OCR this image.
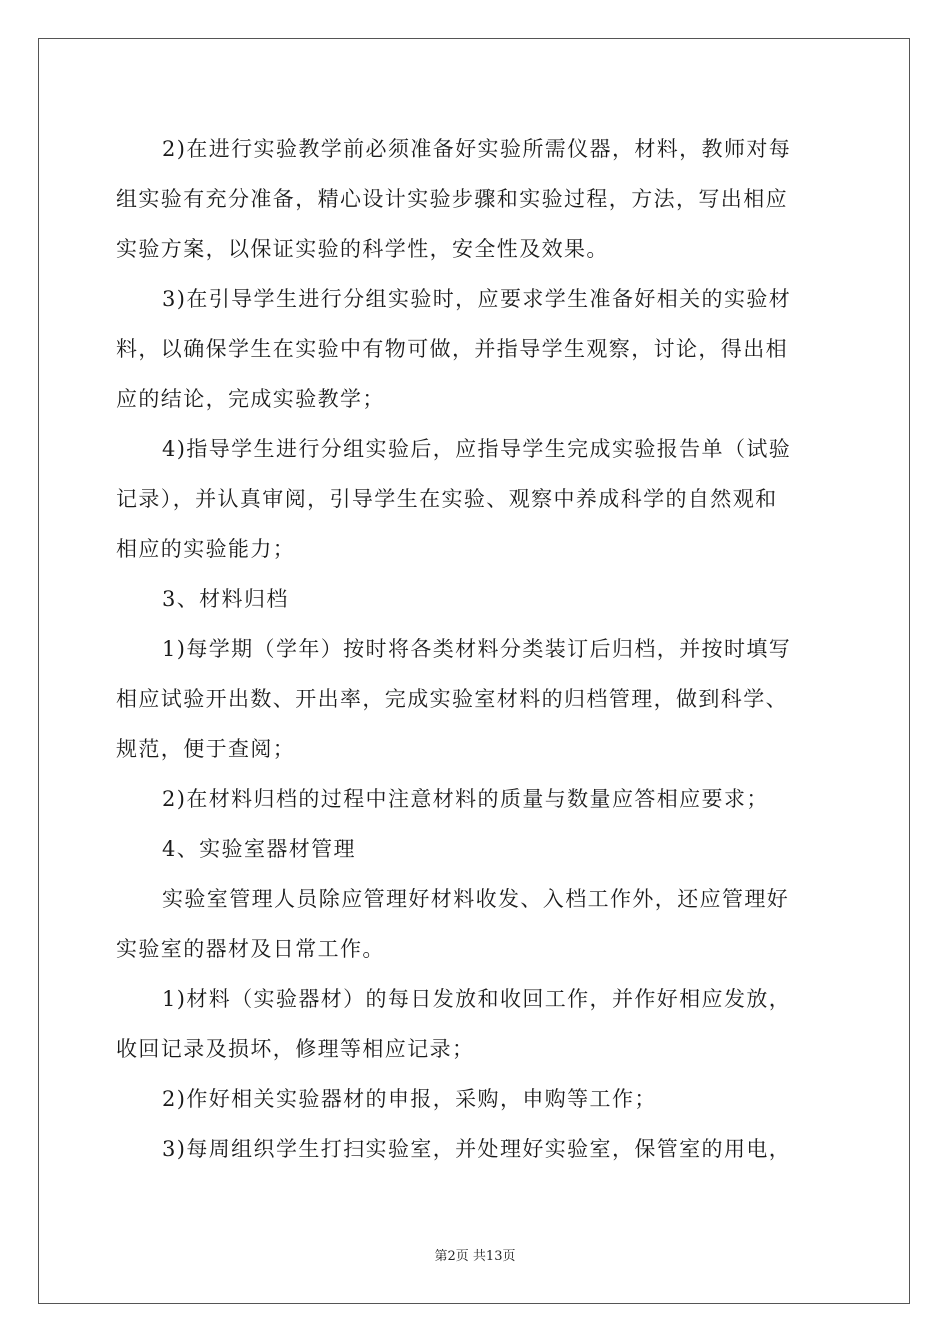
2)在进行实验教学前必须准备好实验所需仪器，材料，教师对每
组实验有充分准备，精心设计实验步骤和实验过程，方法，写出相应
实验方案，以保证实验的科学性，安全性及效果。
3)在引导学生进行分组实验时，应要求学生准备好相关的实验材
料，以确保学生在实验中有物可做，并指导学生观察，讨论，得出相
应的结论，完成实验教学；
4)指导学生进行分组实验后，应指导学生完成实验报告单（试验
记录），并认真审阅，引导学生在实验、观察中养成科学的自然观和
相应的实验能力；
3、材料归档
1)每学期（学年）按时将各类材料分类装订后归档，并按时填写
相应试验开出数、开出率，完成实验室材料的归档管理，做到科学、
规范，便于查阅；
2)在材料归档的过程中注意材料的质量与数量应答相应要求；
4、实验室器材管理
实验室管理人员除应管理好材料收发、入档工作外，还应管理好
实验室的器材及日常工作。
1)材料（实验器材）的每日发放和收回工作，并作好相应发放，
收回记录及损坏，修理等相应记录；
2)作好相关实验器材的申报，采购，申购等工作；
3)每周组织学生打扫实验室，并处理好实验室，保管室的用电，
第2页 共13页
